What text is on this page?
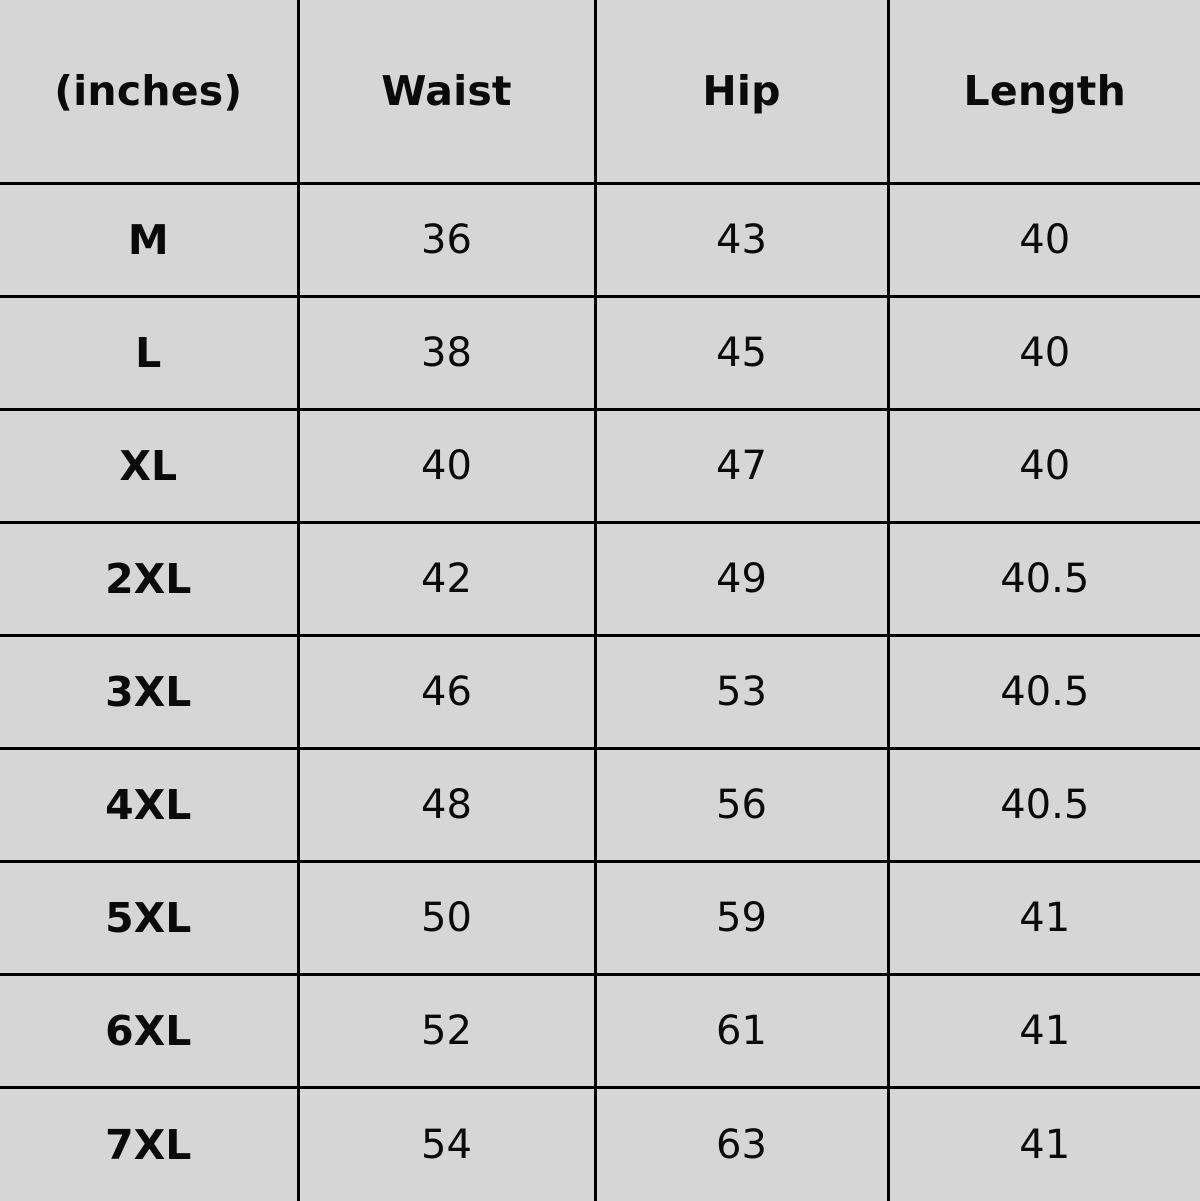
(inches)	Waist	Hip	Length
M	36	43	40
L	38	45	40
XL	40	47	40
2XL	42	49	40.5
3XL	46	53	40.5
4XL	48	56	40.5
5XL	50	59	41
6XL	52	61	41
7XL	54	63	41
